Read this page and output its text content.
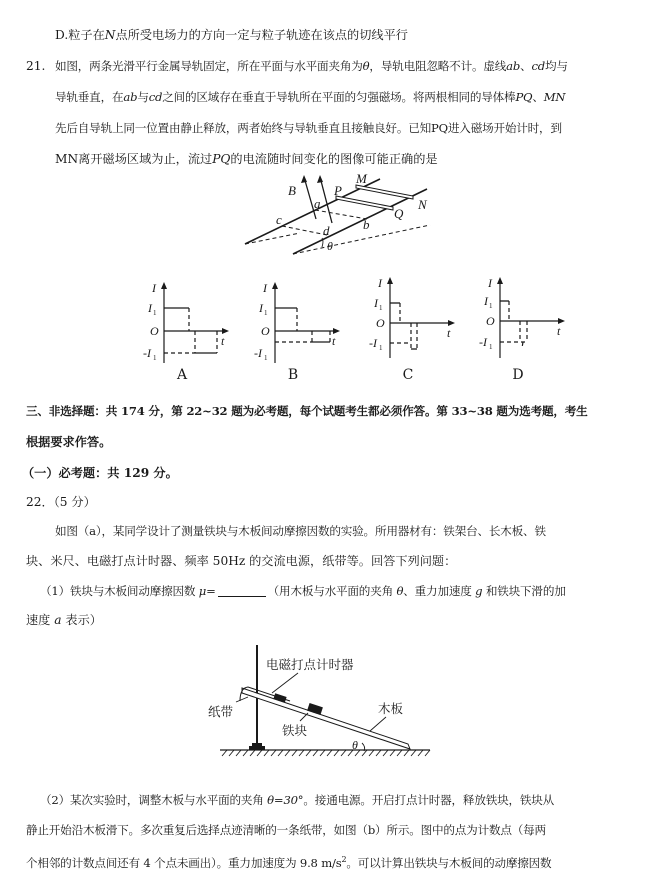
D.粒子在N点所受电场力的方向一定与粒子轨迹在该点的切线平行
21. 如图，两条光滑平行金属导轨固定，所在平面与水平面夹角为θ，导轨电阻忽略不计。虚线ab、cd均与
导轨垂直，在ab与cd之间的区域存在垂直于导轨所在平面的匀强磁场。将两根相同的导体棒PQ、MN
先后自导轨上同一位置由静止释放，两者始终与导轨垂直且接触良好。已知PQ进入磁场开始计时，到
MN离开磁场区域为止，流过PQ的电流随时间变化的图像可能正确的是
B	P
M
N
Q
a
b
c
d
θ
I
t
O
I 1
-I 1
A
I
t
O
I 1
-I 1
B
I
t
O
I 1
-I 1
C
I
t
O
I 1
-I 1
D
三、非选择题：共 174 分，第 22~32 题为必考题，每个试题考生都必须作答。第 33~38 题为选考题，考生
根据要求作答。
（一）必考题：共 129 分。
22．（5 分）
如图（a），某同学设计了测量铁块与木板间动摩擦因数的实验。所用器材有：铁架台、长木板、铁
块、米尺、电磁打点计时器、频率 50Hz 的交流电源，纸带等。回答下列问题：
（1）铁块与木板间动摩擦因数 μ=	（用木板与水平面的夹角 θ、重力加速度 g 和铁块下滑的加
速度 a 表示）
电磁打点计时器
纸带
铁块
木板
θ
（2）某次实验时，调整木板与水平面的夹角 θ=30°。接通电源。开启打点计时器，释放铁块，铁块从
静止开始沿木板滑下。多次重复后选择点迹清晰的一条纸带，如图（b）所示。图中的点为计数点（每两
个相邻的计数点间还有 4 个点未画出）。重力加速度为 9.8 $m/s^2$。可以计算出铁块与木板间的动摩擦因数
